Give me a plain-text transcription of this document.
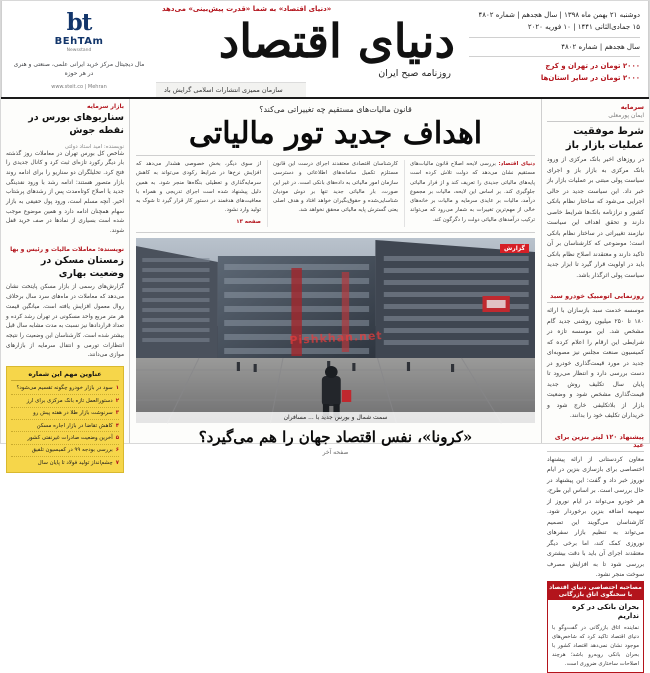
دوشنبه ۲۱ بهمن ماه ۱۳۹۸ | سال هجدهم | شماره ۴۸۰۲
۱۵ جمادی‌الثانی ۱۴۴۱ | ۱۰ فوریه ۲۰۲۰
سال هجدهم | شماره ۴۸۰۲
۲۰۰۰ تومان در تهران و کرج
۲۰۰۰ تومان در سایر استان‌ها
«دنیای اقتصاد» به شما «قدرت پیش‌بینی» می‌دهد
دنیای اقتصاد
روزنامه صبح ایران
سازمان ممیزی انتشارات اسلامی گرایش باد
bt
BEhTAm
Newsstand
مال دیجیتال مرکز خرید ایرانی علمی، صنعتی و هنری در هر حوزه
www.steit.co | Mehran
سرمایه
ایمان پورمعلی
شرط موفقیت عملیات بازار باز
در روزهای اخیر بانک مرکزی از ورود بانک مرکزی به بازار باز و اجرای سیاست پولی مبتنی بر عملیات بازار باز خبر داد. این سیاست جدید در حالی اجرایی می‌شود که ساختار نظام بانکی کشور و ترازنامه بانک‌ها شرایط خاصی دارند و تحقق اهداف این سیاست نیازمند تغییراتی در ساختار نظام بانکی است؛ موضوعی که کارشناسان بر آن تاکید دارند و معتقدند اصلاح نظام بانکی باید در اولویت قرار گیرد تا ابزار جدید سیاست پولی اثرگذار باشد.
روزنمایی اتومبیک خودرو سبد
موسسه خدمت سبد بازسازان با ارائه ۱۸۰ تا ۲۵۰ میلیون روشنی جدید گام مشخص شد. این موسسه تازه در شرایطی این ارقام را اعلام کرده که کمیسیون صنعت مجلس نیز مصوبه‌ای جدید در مورد قیمت‌گذاری خودرو در دست بررسی دارد و انتظار می‌رود تا پایان سال تکلیف روش جدید قیمت‌گذاری مشخص شود و وضعیت بازار از بلاتکلیفی خارج شود و خریداران تکلیف خود را بدانند.
پیشنهاد ۱۲۰ لیتر بنزین برای عید
معاون کردستانی از ارائه پیشنهاد اختصاصی برای بازسازی بنزین در ایام نوروز خبر داد و گفت: این پیشنهاد در حال بررسی است. بر اساس این طرح، هر خودرو می‌تواند در ایام نوروز از سهمیه اضافه بنزین برخوردار شود. کارشناسان می‌گویند این تصمیم می‌تواند به تنظیم بازار سفرهای نوروزی کمک کند، اما برخی دیگر معتقدند اجرای آن باید با دقت بیشتری بررسی شود تا به افزایش مصرف سوخت منجر نشود.
مصاحبه اختصاصی دنیای اقتصاد با سخنگوی اتاق بازرگانی
بحران بانکی در کره نداریم
نماینده اتاق بازرگانی در گفت‌وگو با دنیای اقتصاد تاکید کرد که شاخص‌های موجود نشان نمی‌دهد اقتصاد کشور با بحران بانکی روبه‌رو باشد؛ هرچند اصلاحات ساختاری ضروری است.
قانون مالیات‌های مستقیم چه تغییراتی می‌کند؟
اهداف جدید تور مالیاتی
دنیای اقتصاد: بررسی لایحه اصلاح قانون مالیات‌های مستقیم نشان می‌دهد که دولت تلاش کرده است پایه‌های مالیاتی جدیدی را تعریف کند و از فرار مالیاتی جلوگیری کند. بر اساس این لایحه، مالیات بر مجموع درآمد، مالیات بر عایدی سرمایه و مالیات بر خانه‌های خالی از مهم‌ترین تغییرات به شمار می‌رود که می‌تواند ترکیب درآمدهای مالیاتی دولت را دگرگون کند.
کارشناسان اقتصادی معتقدند اجرای درست این قانون مستلزم تکمیل سامانه‌های اطلاعاتی و دسترسی سازمان امور مالیاتی به داده‌های بانکی است. در غیر این صورت، بار مالیاتی جدید تنها بر دوش مودیان شناسایی‌شده و حقوق‌بگیران خواهد افتاد و هدف اصلی یعنی گسترش پایه مالیاتی محقق نخواهد شد.
از سوی دیگر، بخش خصوصی هشدار می‌دهد که افزایش نرخ‌ها در شرایط رکودی می‌تواند به کاهش سرمایه‌گذاری و تعطیلی بنگاه‌ها منجر شود. به همین دلیل پیشنهاد شده است اجرای تدریجی و همراه با معافیت‌های هدفمند در دستور کار قرار گیرد تا شوک به تولید وارد نشود.
صفحه ۱۳
گزارش
Pishkhan.net
سمت شمال و بورس جدید با ... مسافران
«کرونا»، نفس اقتصاد جهان را هم می‌گیرد؟
صفحه آخر
بازار سرمایه
سناریوهای بورس در نقطه جوش
نویسنده: امید استاد دولتی
شاخص کل بورس تهران در معاملات روز گذشته بار دیگر رکورد تازه‌ای ثبت کرد و کانال جدیدی را فتح کرد. تحلیلگران دو سناریو را برای ادامه روند بازار متصور هستند: ادامه رشد با ورود نقدینگی جدید یا اصلاح کوتاه‌مدت پس از رشدهای پرشتاب اخیر. آنچه مسلم است، ورود پول حقیقی به بازار سهام همچنان ادامه دارد و همین موضوع موجب شده است بسیاری از نمادها در صف خرید قفل شوند.
نویسنده: معاملات مالیات و رئیس و بها
زمستان مسکن در وضعیت بهاری
گزارش‌های رسمی از بازار مسکن پایتخت نشان می‌دهد که معاملات در ماه‌های سرد سال برخلاف روال معمول افزایش یافته است. میانگین قیمت هر متر مربع واحد مسکونی در تهران رشد کرده و تعداد قراردادها نیز نسبت به مدت مشابه سال قبل بیشتر شده است. کارشناسان این وضعیت را نتیجه انتظارات تورمی و انتقال سرمایه از بازارهای موازی می‌دانند.
عناوین مهم این شماره
۱
سود در بازار خودرو چگونه تقسیم می‌شود؟
۲
دستورالعمل تازه بانک مرکزی برای ارز
۳
سرنوشت بازار طلا در هفته پیش رو
۴
کاهش تقاضا در بازار اجاره مسکن
۵
آخرین وضعیت صادرات غیرنفتی کشور
۶
بررسی بودجه ۹۹ در کمیسیون تلفیق
۷
چشم‌انداز تولید فولاد تا پایان سال
